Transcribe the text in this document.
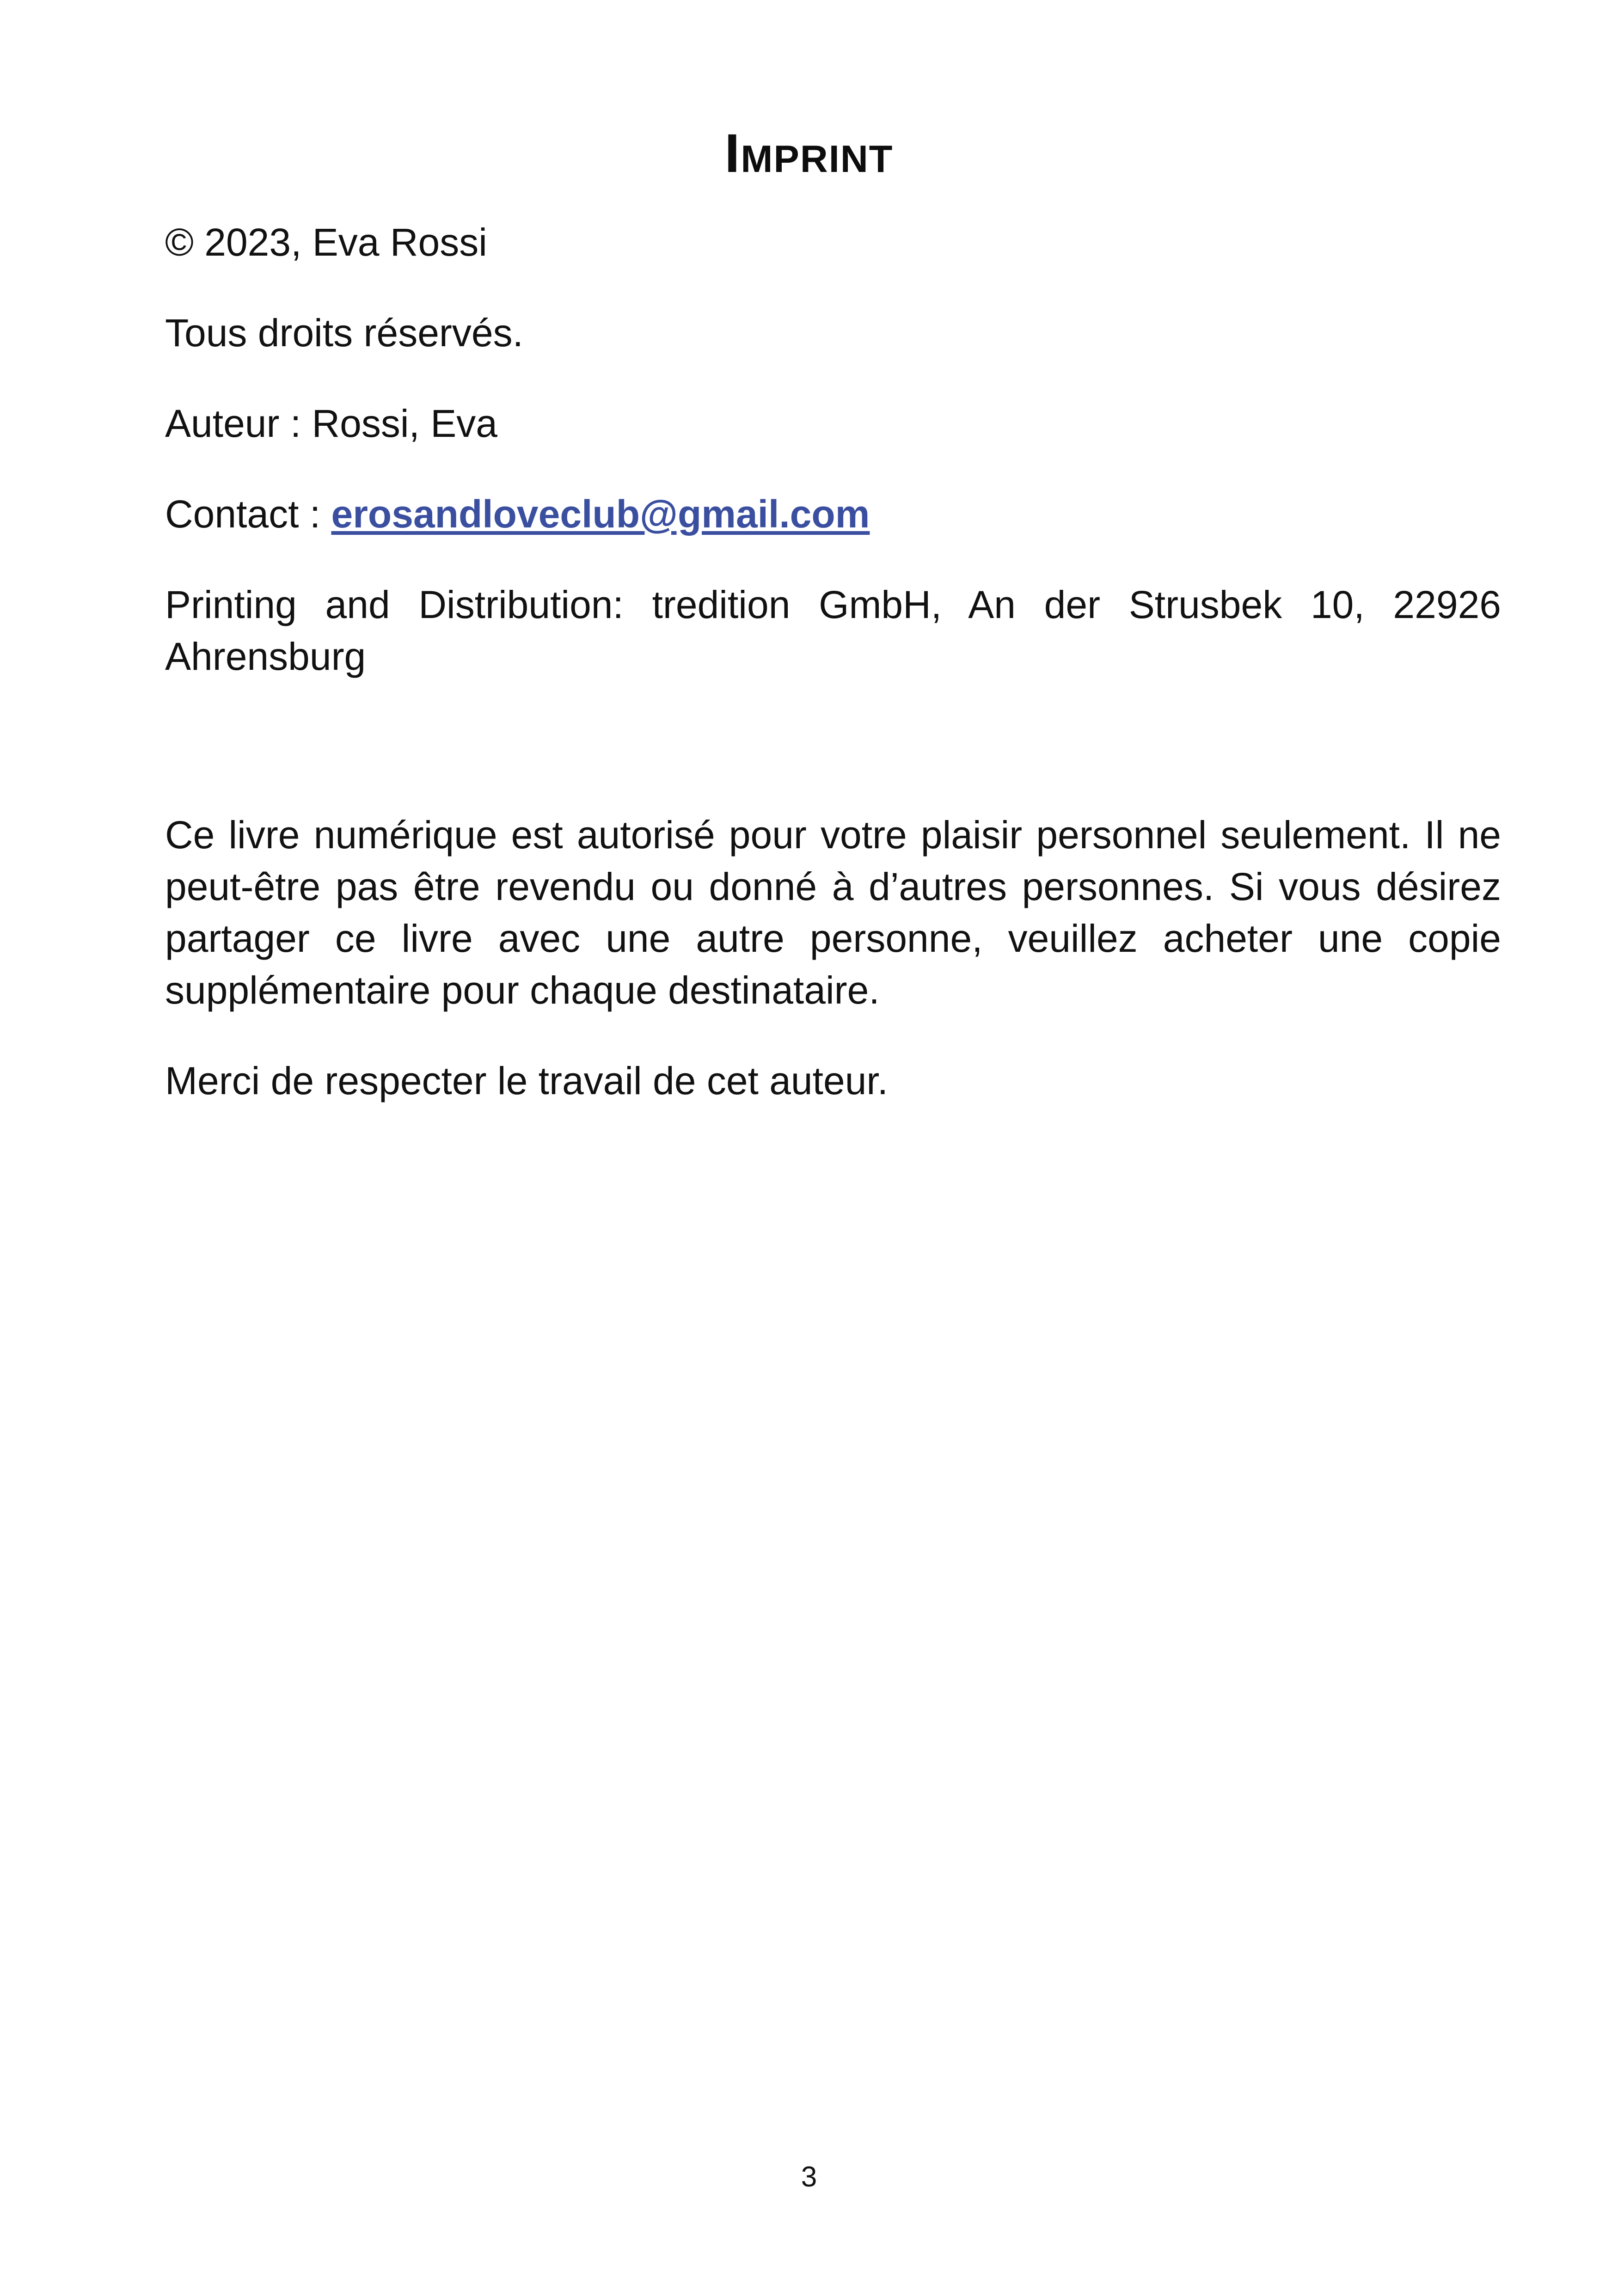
Imprint

© 2023, Eva Rossi

Tous droits réservés.

Auteur : Rossi, Eva

Contact : erosandloveclub@gmail.com

Printing and Distribution: tredition GmbH, An der Strusbek 10, 22926 Ahrensburg

Ce livre numérique est autorisé pour votre plaisir personnel seulement. Il ne peut-être pas être revendu ou donné à d’autres personnes. Si vous désirez partager ce livre avec une autre personne, veuillez acheter une copie supplémentaire pour chaque destinataire.

Merci de respecter le travail de cet auteur.

3
